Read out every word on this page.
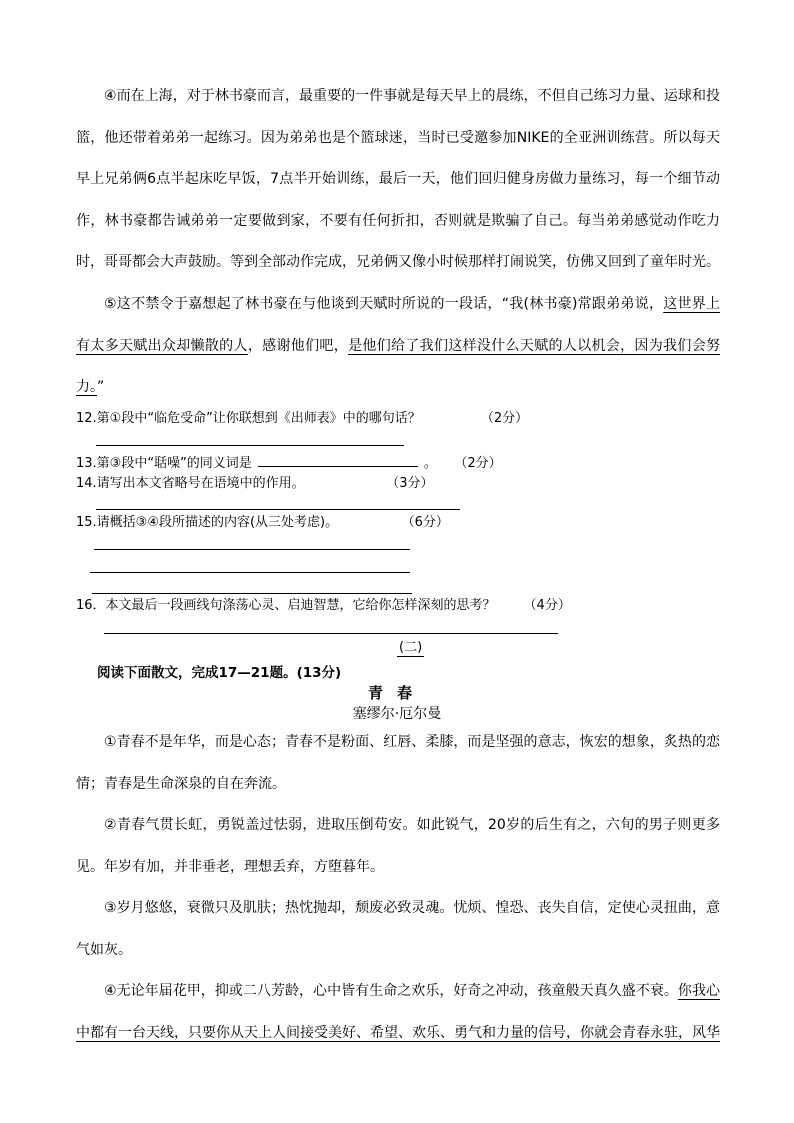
④而在上海，对于林书豪而言，最重要的一件事就是每天早上的晨练，不但自己练习力量、运球和投篮，他还带着弟弟一起练习。因为弟弟也是个篮球迷，当时已受邀参加NIKE的全亚洲训练营。所以每天早上兄弟俩6点半起床吃早饭，7点半开始训练，最后一天，他们回归健身房做力量练习，每一个细节动作，林书豪都告诫弟弟一定要做到家，不要有任何折扣，否则就是欺骗了自己。每当弟弟感觉动作吃力时，哥哥都会大声鼓励。等到全部动作完成，兄弟俩又像小时候那样打闹说笑，仿佛又回到了童年时光。

⑤这不禁令于嘉想起了林书豪在与他谈到天赋时所说的一段话，“我(林书豪)常跟弟弟说，这世界上有太多天赋出众却懒散的人，感谢他们吧，是他们给了我们这样没什么天赋的人以机会，因为我们会努力。”

12.第①段中“临危受命”让你联想到《出师表》中的哪句话？	（2分）
13.第③段中“聒噪”的同义词是	。 （2分）
14.请写出本文省略号在语境中的作用。	（3分）
15.请概括③④段所描述的内容(从三处考虑)。	（6分）
16．本文最后一段画线句涤荡心灵、启迪智慧，它给你怎样深刻的思考？ （4分）
(二)
阅读下面散文，完成17—21题。(13分)
青春
塞缪尔·厄尔曼

①青春不是年华，而是心态；青春不是粉面、红唇、柔膝，而是坚强的意志，恢宏的想象，炙热的恋情；青春是生命深泉的自在奔流。

②青春气贯长虹，勇锐盖过怯弱，进取压倒苟安。如此锐气，20岁的后生有之，六旬的男子则更多见。年岁有加，并非垂老，理想丢弃，方堕暮年。

③岁月悠悠，衰微只及肌肤；热忱抛却，颓废必致灵魂。忧烦、惶恐、丧失自信，定使心灵扭曲，意气如灰。

④无论年届花甲，抑或二八芳龄，心中皆有生命之欢乐，好奇之冲动，孩童般天真久盛不衰。你我心中都有一台天线，只要你从天上人间接受美好、希望、欢乐、勇气和力量的信号，你就会青春永驻，风华
